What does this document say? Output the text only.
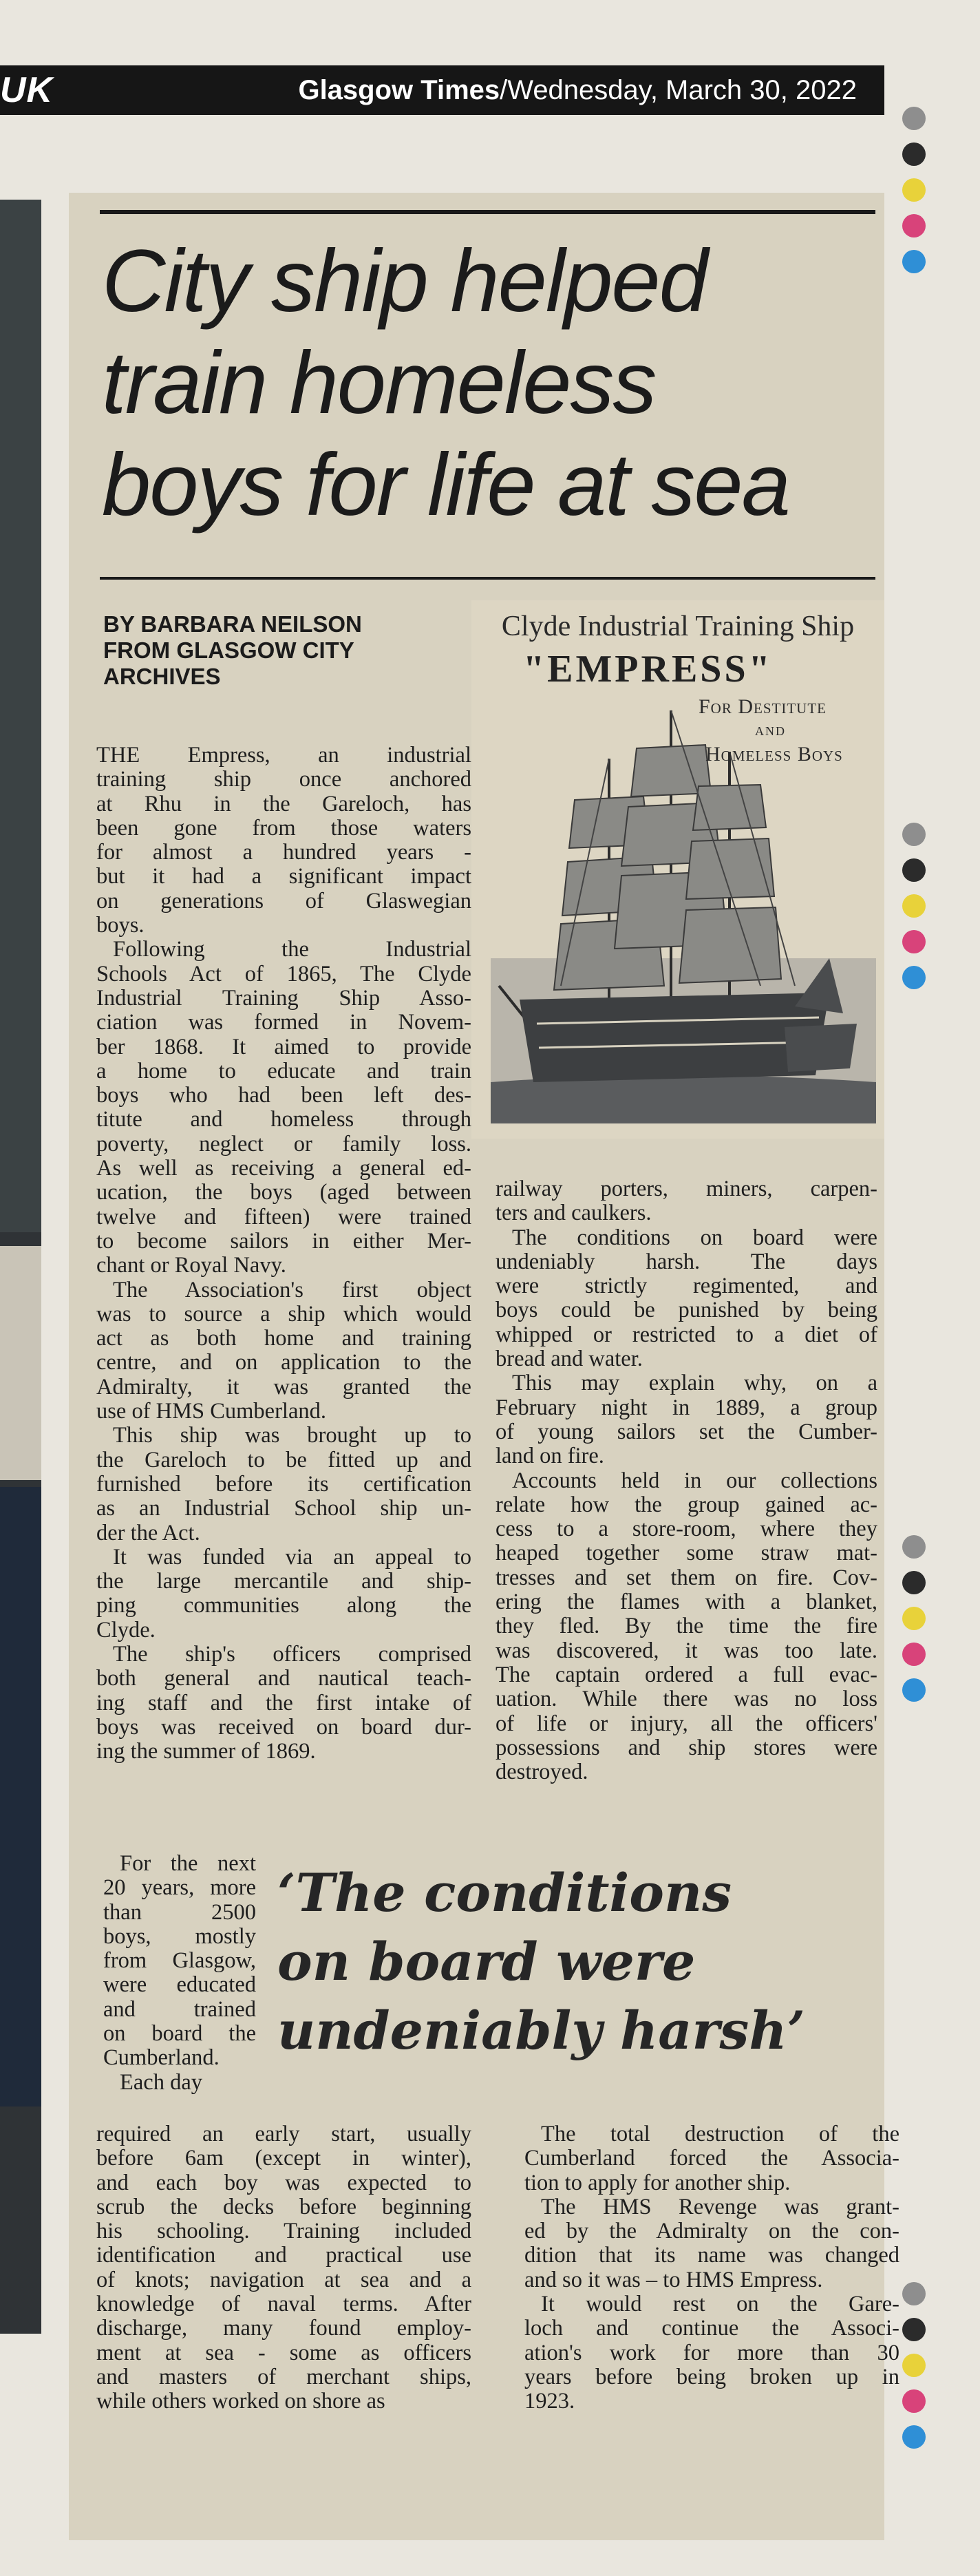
UK	Glasgow Times/Wednesday, March 30, 2022
City ship helped
train homeless
boys for life at sea
BY BARBARA NEILSON
FROM GLASGOW CITY
ARCHIVES
Clyde Industrial Training Ship
"EMPRESS"
For Destitute
AND
Homeless Boys
THE Empress, an industrial
training ship once anchored
at Rhu in the Gareloch, has
been gone from those waters
for almost a hundred years -
but it had a significant impact
on generations of Glaswegian
boys.
Following the Industrial
Schools Act of 1865, The Clyde
Industrial Training Ship Asso-
ciation was formed in Novem-
ber 1868. It aimed to provide
a home to educate and train
boys who had been left des-
titute and homeless through
poverty, neglect or family loss.
As well as receiving a general ed-
ucation, the boys (aged between
twelve and fifteen) were trained
to become sailors in either Mer-
chant or Royal Navy.
The Association's first object
was to source a ship which would
act as both home and training
centre, and on application to the
Admiralty, it was granted the
use of HMS Cumberland.
This ship was brought up to
the Gareloch to be fitted up and
furnished before its certification
as an Industrial School ship un-
der the Act.
It was funded via an appeal to
the large mercantile and ship-
ping communities along the
Clyde.
The ship's officers comprised
both general and nautical teach-
ing staff and the first intake of
boys was received on board dur-
ing the summer of 1869.
For the next
20 years, more
than 2500
boys, mostly
from Glasgow,
were educated
and trained
on board the
Cumberland.
Each day
required an early start, usually
before 6am (except in winter),
and each boy was expected to
scrub the decks before beginning
his schooling. Training included
identification and practical use
of knots; navigation at sea and a
knowledge of naval terms. After
discharge, many found employ-
ment at sea - some as officers
and masters of merchant ships,
while others worked on shore as
railway porters, miners, carpen-
ters and caulkers.
The conditions on board were
undeniably harsh. The days
were strictly regimented, and
boys could be punished by being
whipped or restricted to a diet of
bread and water.
This may explain why, on a
February night in 1889, a group
of young sailors set the Cumber-
land on fire.
Accounts held in our collections
relate how the group gained ac-
cess to a store-room, where they
heaped together some straw mat-
tresses and set them on fire. Cov-
ering the flames with a blanket,
they fled. By the time the fire
was discovered, it was too late.
The captain ordered a full evac-
uation. While there was no loss
of life or injury, all the officers'
possessions and ship stores were
destroyed.
The total destruction of the
Cumberland forced the Associa-
tion to apply for another ship.
The HMS Revenge was grant-
ed by the Admiralty on the con-
dition that its name was changed
and so it was – to HMS Empress.
It would rest on the Gare-
loch and continue the Associ-
ation's work for more than 30
years before being broken up in
1923.
‘The conditions
on board were
undeniably harsh’
